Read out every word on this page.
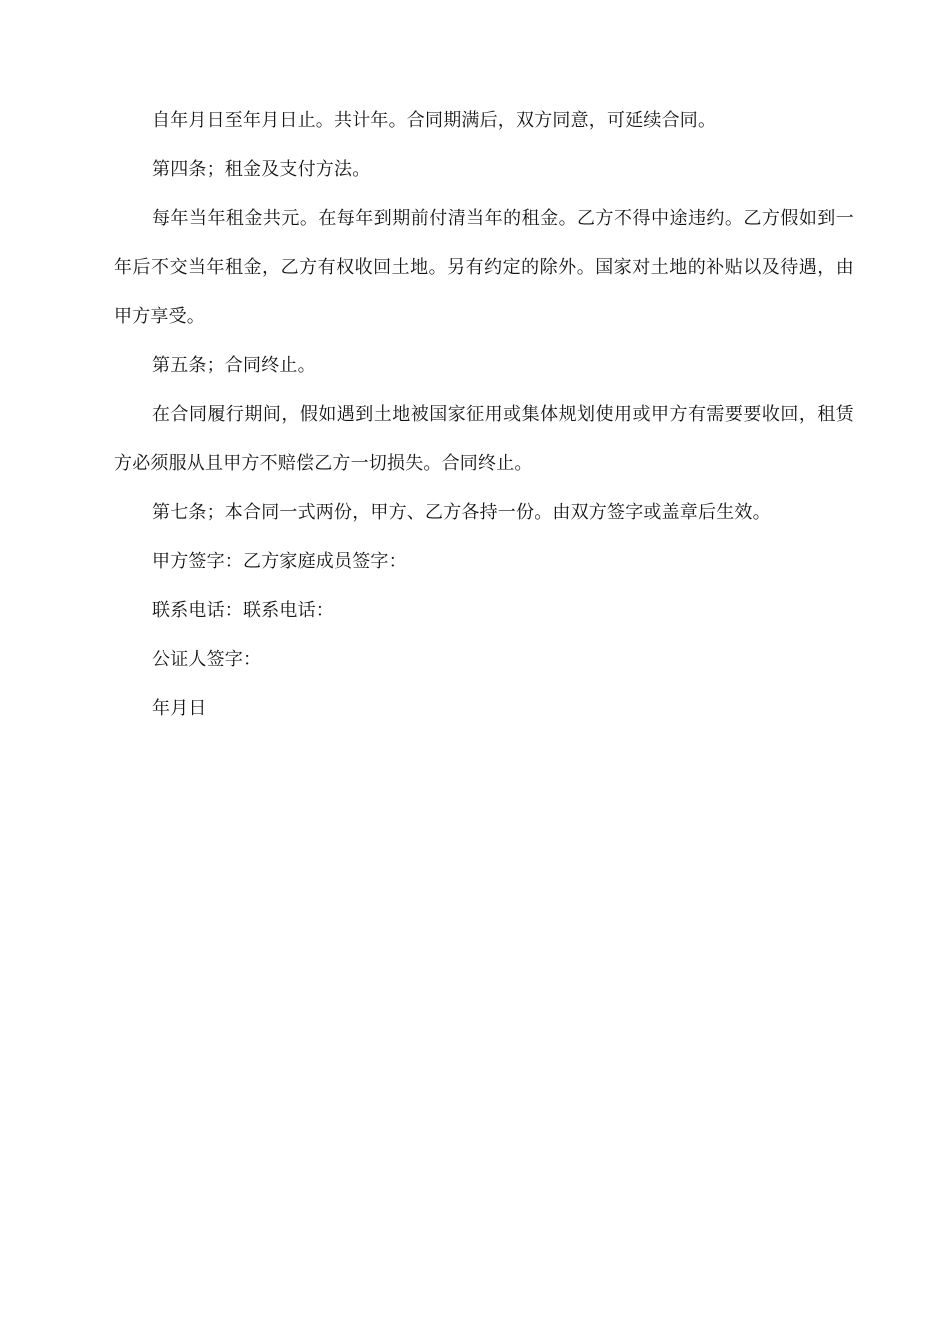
自年月日至年月日止。共计年。合同期满后，双方同意，可延续合同。

第四条；租金及支付方法。

每年当年租金共元。在每年到期前付清当年的租金。乙方不得中途违约。乙方假如到一年后不交当年租金，乙方有权收回土地。另有约定的除外。国家对土地的补贴以及待遇，由甲方享受。

第五条；合同终止。

在合同履行期间，假如遇到土地被国家征用或集体规划使用或甲方有需要要收回，租赁方必须服从且甲方不赔偿乙方一切损失。合同终止。

第七条；本合同一式两份，甲方、乙方各持一份。由双方签字或盖章后生效。

甲方签字：乙方家庭成员签字：

联系电话：联系电话：

公证人签字：

年月日
